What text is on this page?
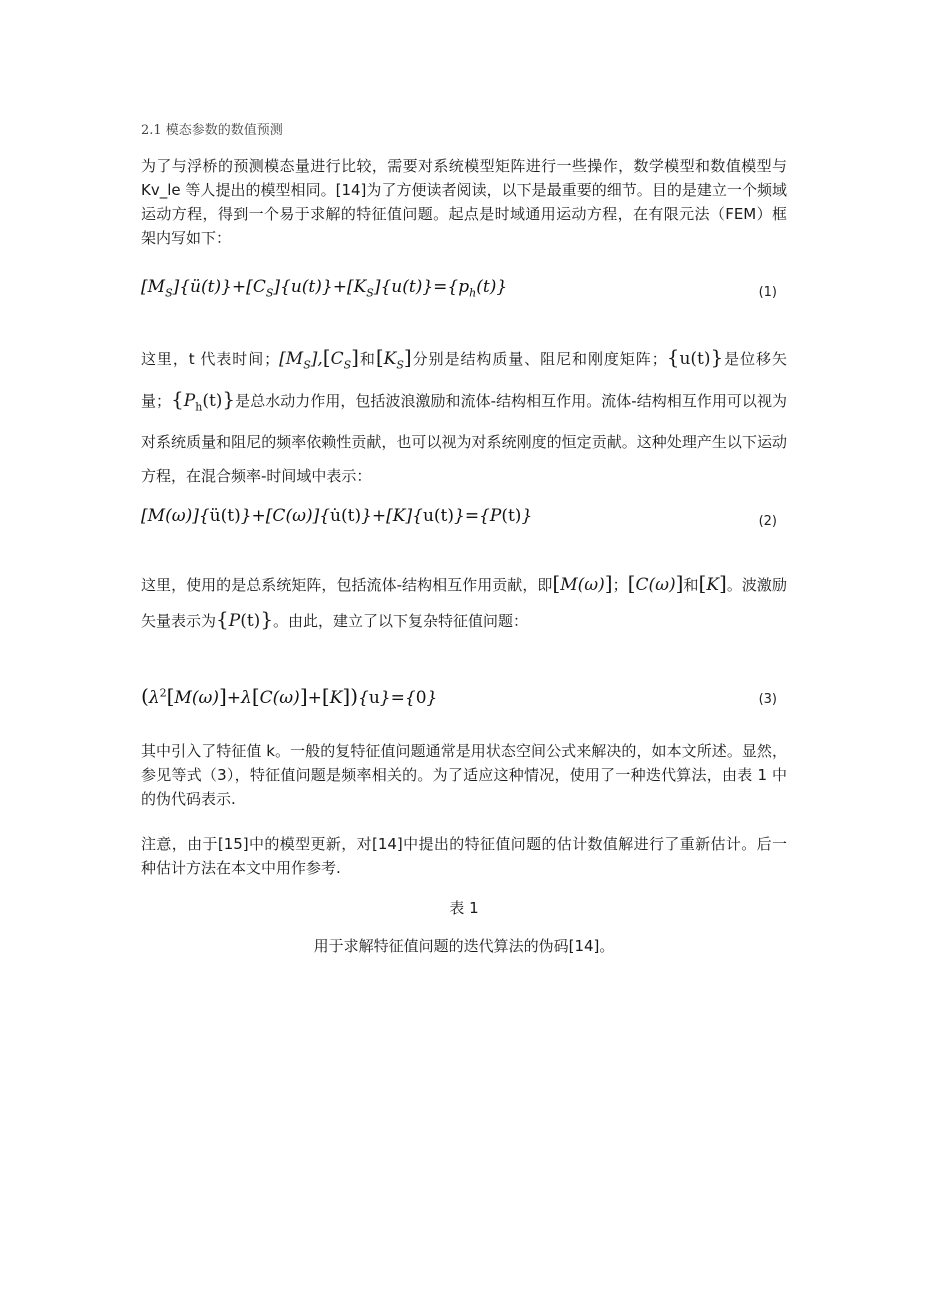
2.1 模态参数的数值预测
为了与浮桥的预测模态量进行比较，需要对系统模型矩阵进行一些操作，数学模型和数值模型与 Kv_le 等人提出的模型相同。[14]为了方便读者阅读，以下是最重要的细节。目的是建立一个频域运动方程，得到一个易于求解的特征值问题。起点是时域通用运动方程，在有限元法（FEM）框架内写如下：
$[M_S]\{ü(t)\}+[C_S]\{u(t)\}+[K_S]\{u(t)\}=\{p_h(t)\}$	(1)
这里，t 代表时间；$[M_S],[C_S]$和$[K_S]$分别是结构质量、阻尼和刚度矩阵；{u(t)}是位移矢量；$\{P_h(t)\}$是总水动力作用，包括波浪激励和流体-结构相互作用。流体-结构相互作用可以视为对系统质量和阻尼的频率依赖性贡献，也可以视为对系统刚度的恒定贡献。这种处理产生以下运动方程，在混合频率-时间域中表示：
[M(ω)]{ü(t)}+[C(ω)]{u̇(t)}+[K]{u(t)}={P(t)}	(2)
这里，使用的是总系统矩阵，包括流体-结构相互作用贡献，即[M(ω)]；[C(ω)]和[K]。波激励矢量表示为{P(t)}。由此，建立了以下复杂特征值问题：
$(\lambda^2[M(\omega)]+\lambda[C(\omega)]+[K])\{u\}=\{0\}$	(3)
其中引入了特征值 k。一般的复特征值问题通常是用状态空间公式来解决的，如本文所述。显然，参见等式（3），特征值问题是频率相关的。为了适应这种情况，使用了一种迭代算法，由表 1 中的伪代码表示.
注意，由于[15]中的模型更新，对[14]中提出的特征值问题的估计数值解进行了重新估计。后一种估计方法在本文中用作参考.
表 1
用于求解特征值问题的迭代算法的伪码[14]。
